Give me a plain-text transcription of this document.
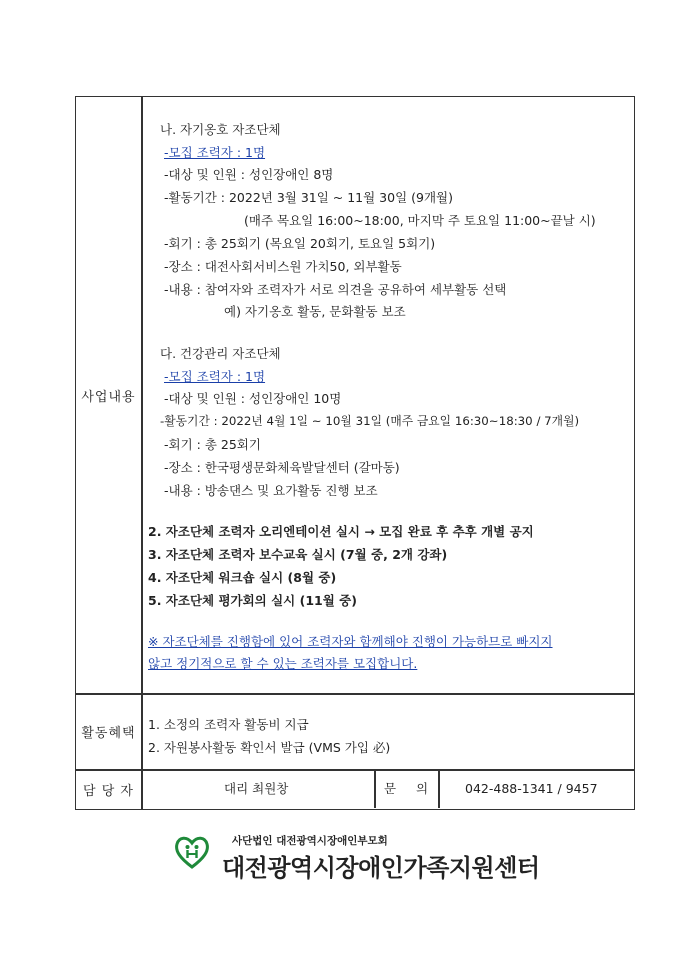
사업내용
활동혜택
담 당 자	대리 최원창	문 의 042-488-1341 / 9457
나. 자기옹호 자조단체
-모집 조력자 : 1명
-대상 및 인원 : 성인장애인 8명
-활동기간 : 2022년 3월 31일 ~ 11월 30일 (9개월)
(매주 목요일 16:00~18:00, 마지막 주 토요일 11:00~끝날 시)
-회기 : 총 25회기 (목요일 20회기, 토요일 5회기)
-장소 : 대전사회서비스원 가치50, 외부활동
-내용 : 참여자와 조력자가 서로 의견을 공유하여 세부활동 선택
예) 자기옹호 활동, 문화활동 보조
다. 건강관리 자조단체
-모집 조력자 : 1명
-대상 및 인원 : 성인장애인 10명
-활동기간 : 2022년 4월 1일 ~ 10월 31일 (매주 금요일 16:30~18:30 / 7개월)
-회기 : 총 25회기
-장소 : 한국평생문화체육발달센터 (갈마동)
-내용 : 방송댄스 및 요가활동 진행 보조
2. 자조단체 조력자 오리엔테이션 실시 → 모집 완료 후 추후 개별 공지
3. 자조단체 조력자 보수교육 실시 (7월 중, 2개 강좌)
4. 자조단체 워크숍 실시 (8월 중)
5. 자조단체 평가회의 실시 (11월 중)
※ 자조단체를 진행함에 있어 조력자와 함께해야 진행이 가능하므로 빠지지
않고 정기적으로 할 수 있는 조력자를 모집합니다.
1. 소정의 조력자 활동비 지급
2. 자원봉사활동 확인서 발급 (VMS 가입 必)
사단법인 대전광역시장애인부모회
대전광역시장애인가족지원센터
